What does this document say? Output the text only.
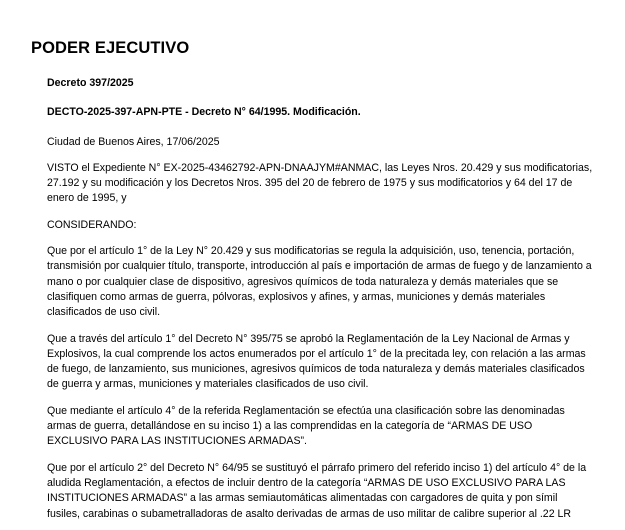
PODER EJECUTIVO

Decreto 397/2025

DECTO-2025-397-APN-PTE - Decreto N° 64/1995. Modificación.

Ciudad de Buenos Aires, 17/06/2025

VISTO el Expediente N° EX-2025-43462792-APN-DNAAJYM#ANMAC, las Leyes Nros. 20.429 y sus modificatorias,
27.192 y su modificación y los Decretos Nros. 395 del 20 de febrero de 1975 y sus modificatorios y 64 del 17 de
enero de 1995, y

CONSIDERANDO:

Que por el artículo 1° de la Ley N° 20.429 y sus modificatorias se regula la adquisición, uso, tenencia, portación,
transmisión por cualquier título, transporte, introducción al país e importación de armas de fuego y de lanzamiento a
mano o por cualquier clase de dispositivo, agresivos químicos de toda naturaleza y demás materiales que se
clasifiquen como armas de guerra, pólvoras, explosivos y afines, y armas, municiones y demás materiales
clasificados de uso civil.

Que a través del artículo 1° del Decreto N° 395/75 se aprobó la Reglamentación de la Ley Nacional de Armas y
Explosivos, la cual comprende los actos enumerados por el artículo 1° de la precitada ley, con relación a las armas
de fuego, de lanzamiento, sus municiones, agresivos químicos de toda naturaleza y demás materiales clasificados
de guerra y armas, municiones y materiales clasificados de uso civil.

Que mediante el artículo 4° de la referida Reglamentación se efectúa una clasificación sobre las denominadas
armas de guerra, detallándose en su inciso 1) a las comprendidas en la categoría de “ARMAS DE USO
EXCLUSIVO PARA LAS INSTITUCIONES ARMADAS”.

Que por el artículo 2° del Decreto N° 64/95 se sustituyó el párrafo primero del referido inciso 1) del artículo 4° de la
aludida Reglamentación, a efectos de incluir dentro de la categoría “ARMAS DE USO EXCLUSIVO PARA LAS
INSTITUCIONES ARMADAS” a las armas semiautomáticas alimentadas con cargadores de quita y pon símil
fusiles, carabinas o subametralladoras de asalto derivadas de armas de uso militar de calibre superior al .22 LR
